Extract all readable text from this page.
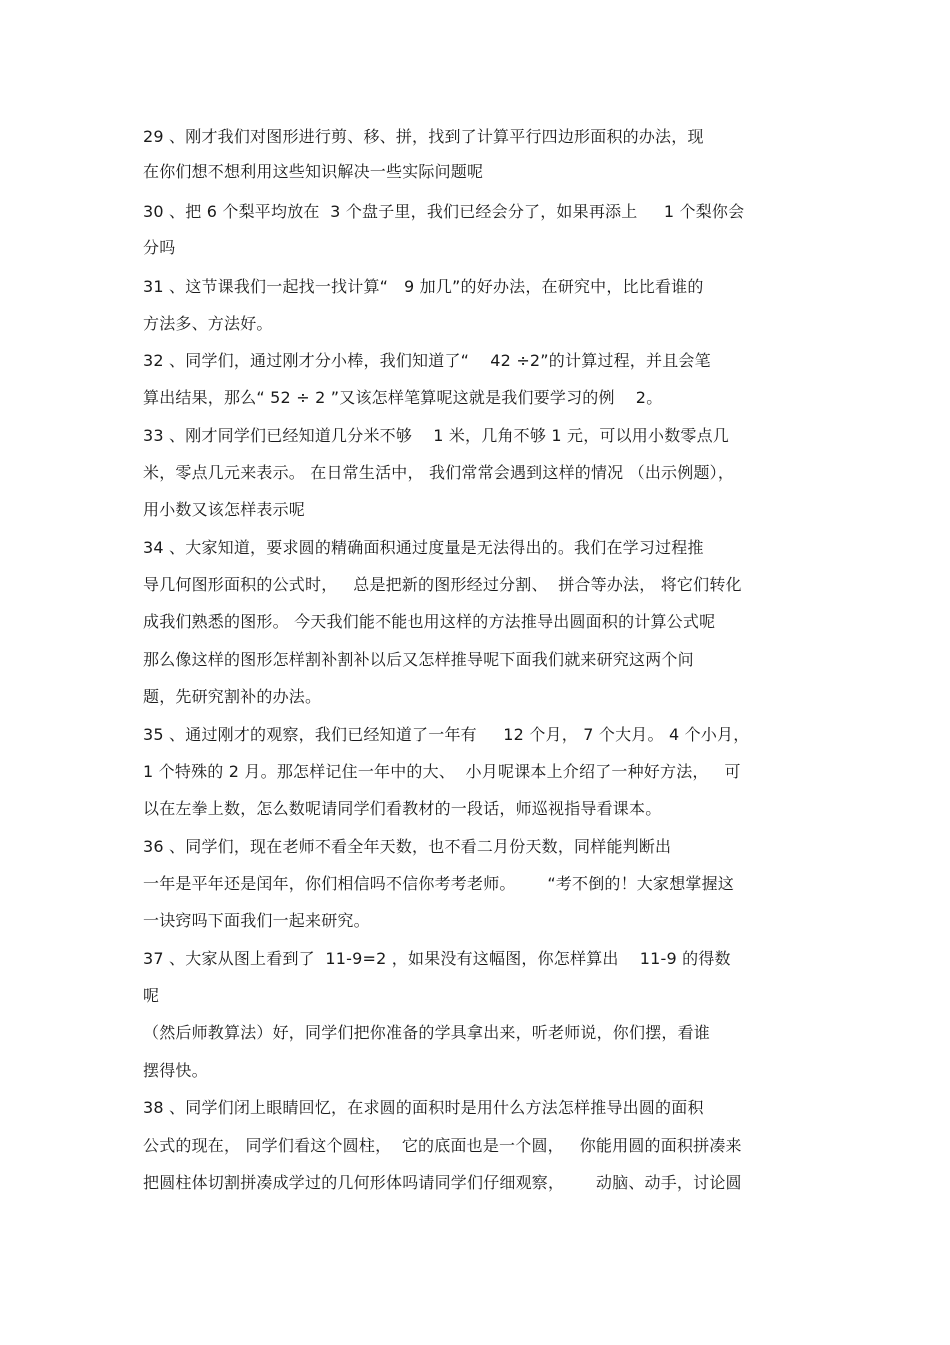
29 、刚才我们对图形进行剪、移、拼，找到了计算平行四边形面积的办法，现
在你们想不想利用这些知识解决一些实际问题呢
30 、把 6 个梨平均放在  3 个盘子里，我们已经会分了，如果再添上     1 个梨你会
分吗
31 、这节课我们一起找一找计算“   9 加几”的好办法，在研究中，比比看谁的
方法多、方法好。
32 、同学们，通过刚才分小棒，我们知道了“    42 ÷2”的计算过程，并且会笔
算出结果，那么“ 52 ÷ 2 ”又该怎样笔算呢这就是我们要学习的例    2。
33 、刚才同学们已经知道几分米不够    1 米，几角不够 1 元，可以用小数零点几
米，零点几元来表示。 在日常生活中， 我们常常会遇到这样的情况 （出示例题），
用小数又该怎样表示呢
34 、大家知道，要求圆的精确面积通过度量是无法得出的。我们在学习过程推
导几何图形面积的公式时，   总是把新的图形经过分割、  拼合等办法， 将它们转化
成我们熟悉的图形。 今天我们能不能也用这样的方法推导出圆面积的计算公式呢
那么像这样的图形怎样割补割补以后又怎样推导呢下面我们就来研究这两个问
题，先研究割补的办法。
35 、通过刚才的观察，我们已经知道了一年有     12 个月， 7 个大月。 4 个小月，
1 个特殊的 2 月。那怎样记住一年中的大、  小月呢课本上介绍了一种好方法，   可
以在左拳上数，怎么数呢请同学们看教材的一段话，师巡视指导看课本。
36 、同学们，现在老师不看全年天数，也不看二月份天数，同样能判断出
一年是平年还是闰年，你们相信吗不信你考考老师。      “考不倒的！大家想掌握这
一诀窍吗下面我们一起来研究。
37 、大家从图上看到了  11-9=2 ，如果没有这幅图，你怎样算出    11-9 的得数
呢
（然后师教算法）好，同学们把你准备的学具拿出来，听老师说，你们摆，看谁
摆得快。
38 、同学们闭上眼睛回忆，在求圆的面积时是用什么方法怎样推导出圆的面积
公式的现在， 同学们看这个圆柱，  它的底面也是一个圆，   你能用圆的面积拼凑来
把圆柱体切割拼凑成学过的几何形体吗请同学们仔细观察，      动脑、动手，讨论圆
